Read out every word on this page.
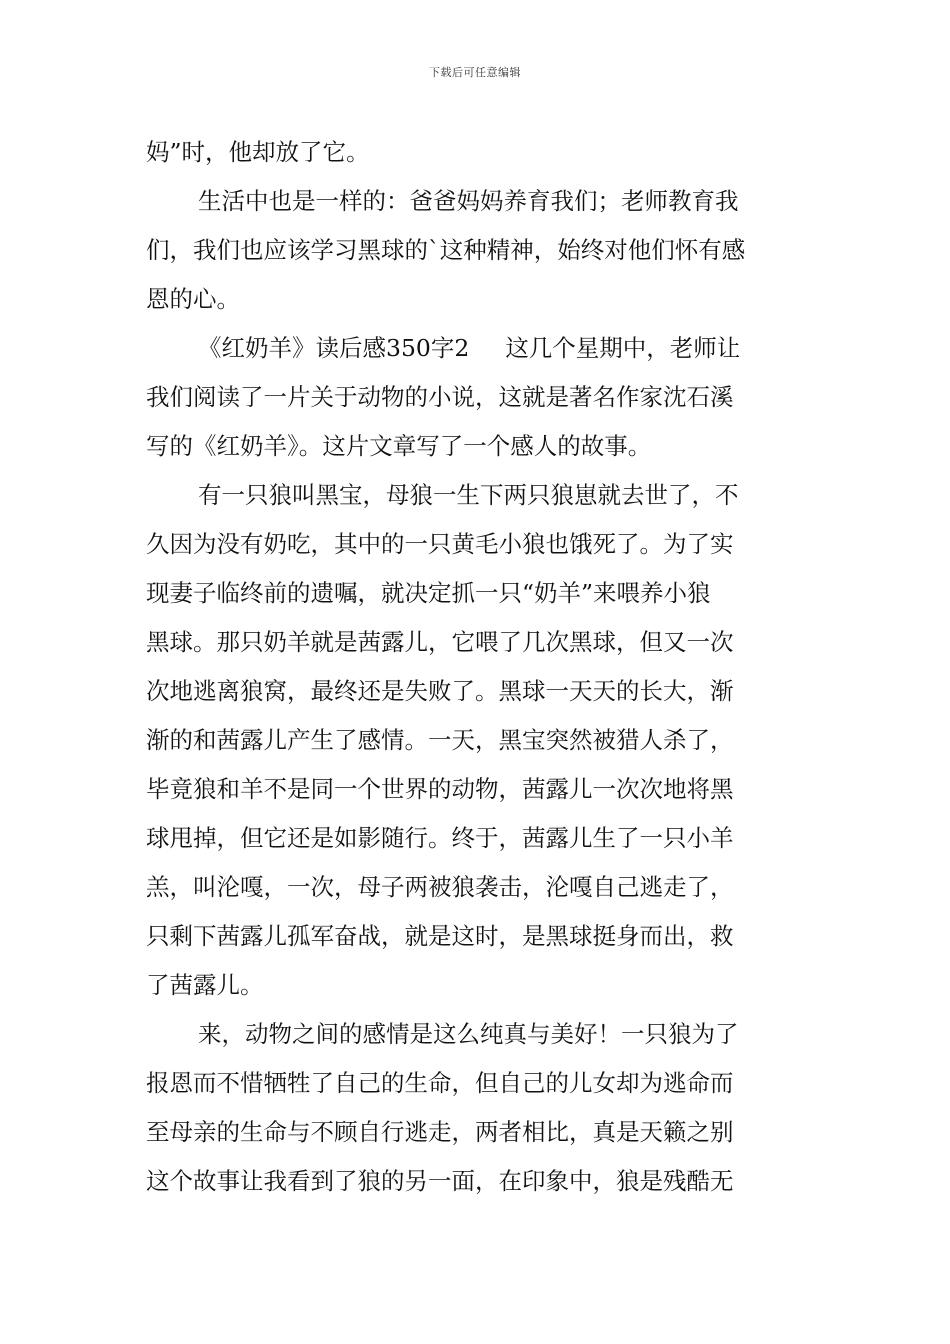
下载后可任意编辑
妈”时，他却放了它。
生活中也是一样的：爸爸妈妈养育我们；老师教育我
们，我们也应该学习黑球的`这种精神，始终对他们怀有感
恩的心。
《红奶羊》读后感350字2 这几个星期中，老师让
我们阅读了一片关于动物的小说，这就是著名作家沈石溪
写的《红奶羊》。这片文章写了一个感人的故事。
有一只狼叫黑宝，母狼一生下两只狼崽就去世了，不
久因为没有奶吃，其中的一只黄毛小狼也饿死了。为了实
现妻子临终前的遗嘱，就决定抓一只“奶羊”来喂养小狼
黑球。那只奶羊就是茜露儿，它喂了几次黑球，但又一次
次地逃离狼窝，最终还是失败了。黑球一天天的长大，渐
渐的和茜露儿产生了感情。一天，黑宝突然被猎人杀了，
毕竟狼和羊不是同一个世界的动物，茜露儿一次次地将黑
球甩掉，但它还是如影随行。终于，茜露儿生了一只小羊
羔，叫沦嘎，一次，母子两被狼袭击，沦嘎自己逃走了，
只剩下茜露儿孤军奋战，就是这时，是黑球挺身而出，救
了茜露儿。
来，动物之间的感情是这么纯真与美好！一只狼为了
报恩而不惜牺牲了自己的生命，但自己的儿女却为逃命而
至母亲的生命与不顾自行逃走，两者相比，真是天籁之别
这个故事让我看到了狼的另一面，在印象中，狼是残酷无
